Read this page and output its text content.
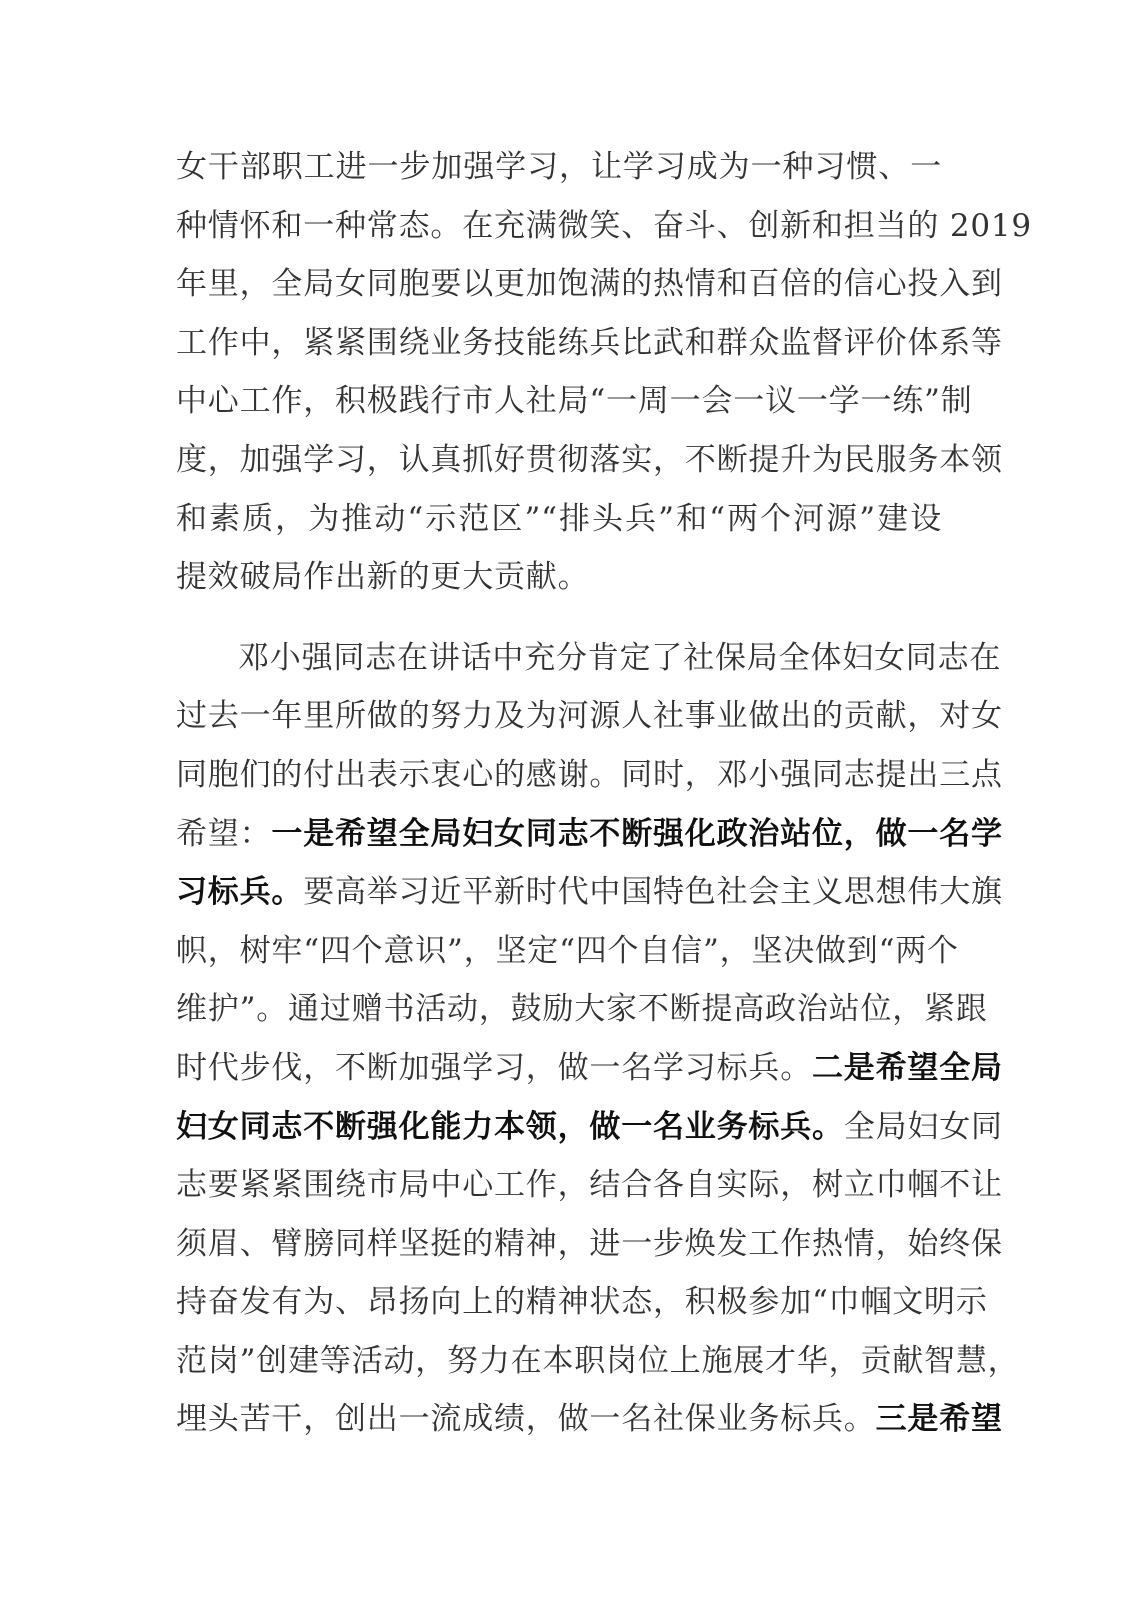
女干部职工进一步加强学习，让学习成为一种习惯、一
种情怀和一种常态。在充满微笑、奋斗、创新和担当的 2019
年里，全局女同胞要以更加饱满的热情和百倍的信心投入到
工作中，紧紧围绕业务技能练兵比武和群众监督评价体系等
中心工作，积极践行市人社局“一周一会一议一学一练”制
度，加强学习，认真抓好贯彻落实，不断提升为民服务本领
和素质，为推动“示范区”“排头兵”和“两个河源”建设
提效破局作出新的更大贡献。
邓小强同志在讲话中充分肯定了社保局全体妇女同志在
过去一年里所做的努力及为河源人社事业做出的贡献，对女
同胞们的付出表示衷心的感谢。同时，邓小强同志提出三点
希望：一是希望全局妇女同志不断强化政治站位，做一名学
习标兵。要高举习近平新时代中国特色社会主义思想伟大旗
帜，树牢“四个意识”，坚定“四个自信”，坚决做到“两个
维护”。通过赠书活动，鼓励大家不断提高政治站位，紧跟
时代步伐，不断加强学习，做一名学习标兵。二是希望全局
妇女同志不断强化能力本领，做一名业务标兵。全局妇女同
志要紧紧围绕市局中心工作，结合各自实际，树立巾帼不让
须眉、臂膀同样坚挺的精神，进一步焕发工作热情，始终保
持奋发有为、昂扬向上的精神状态，积极参加“巾帼文明示
范岗”创建等活动，努力在本职岗位上施展才华，贡献智慧，
埋头苦干，创出一流成绩，做一名社保业务标兵。三是希望
